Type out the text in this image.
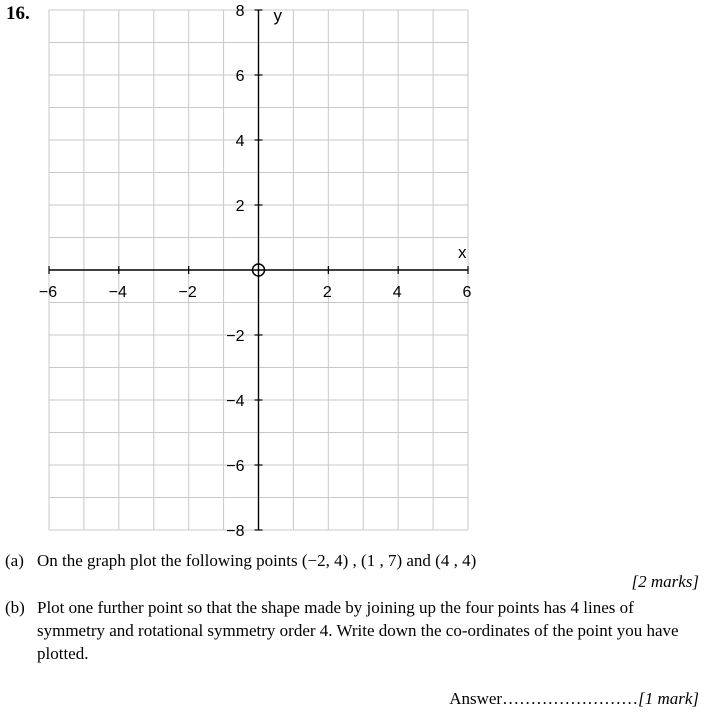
16.
−6	−4	−2	2	4	6
8
6
4
2
−2
−4
−6
−8
x
y
(a) On the graph plot the following points (−2, 4) , (1 , 7) and (4 , 4)
[2 marks]
(b) Plot one further point so that the shape made by joining up the four points has 4 lines of symmetry and rotational symmetry order 4. Write down the co-ordinates of the point you have plotted.
Answer……………………[1 mark]
